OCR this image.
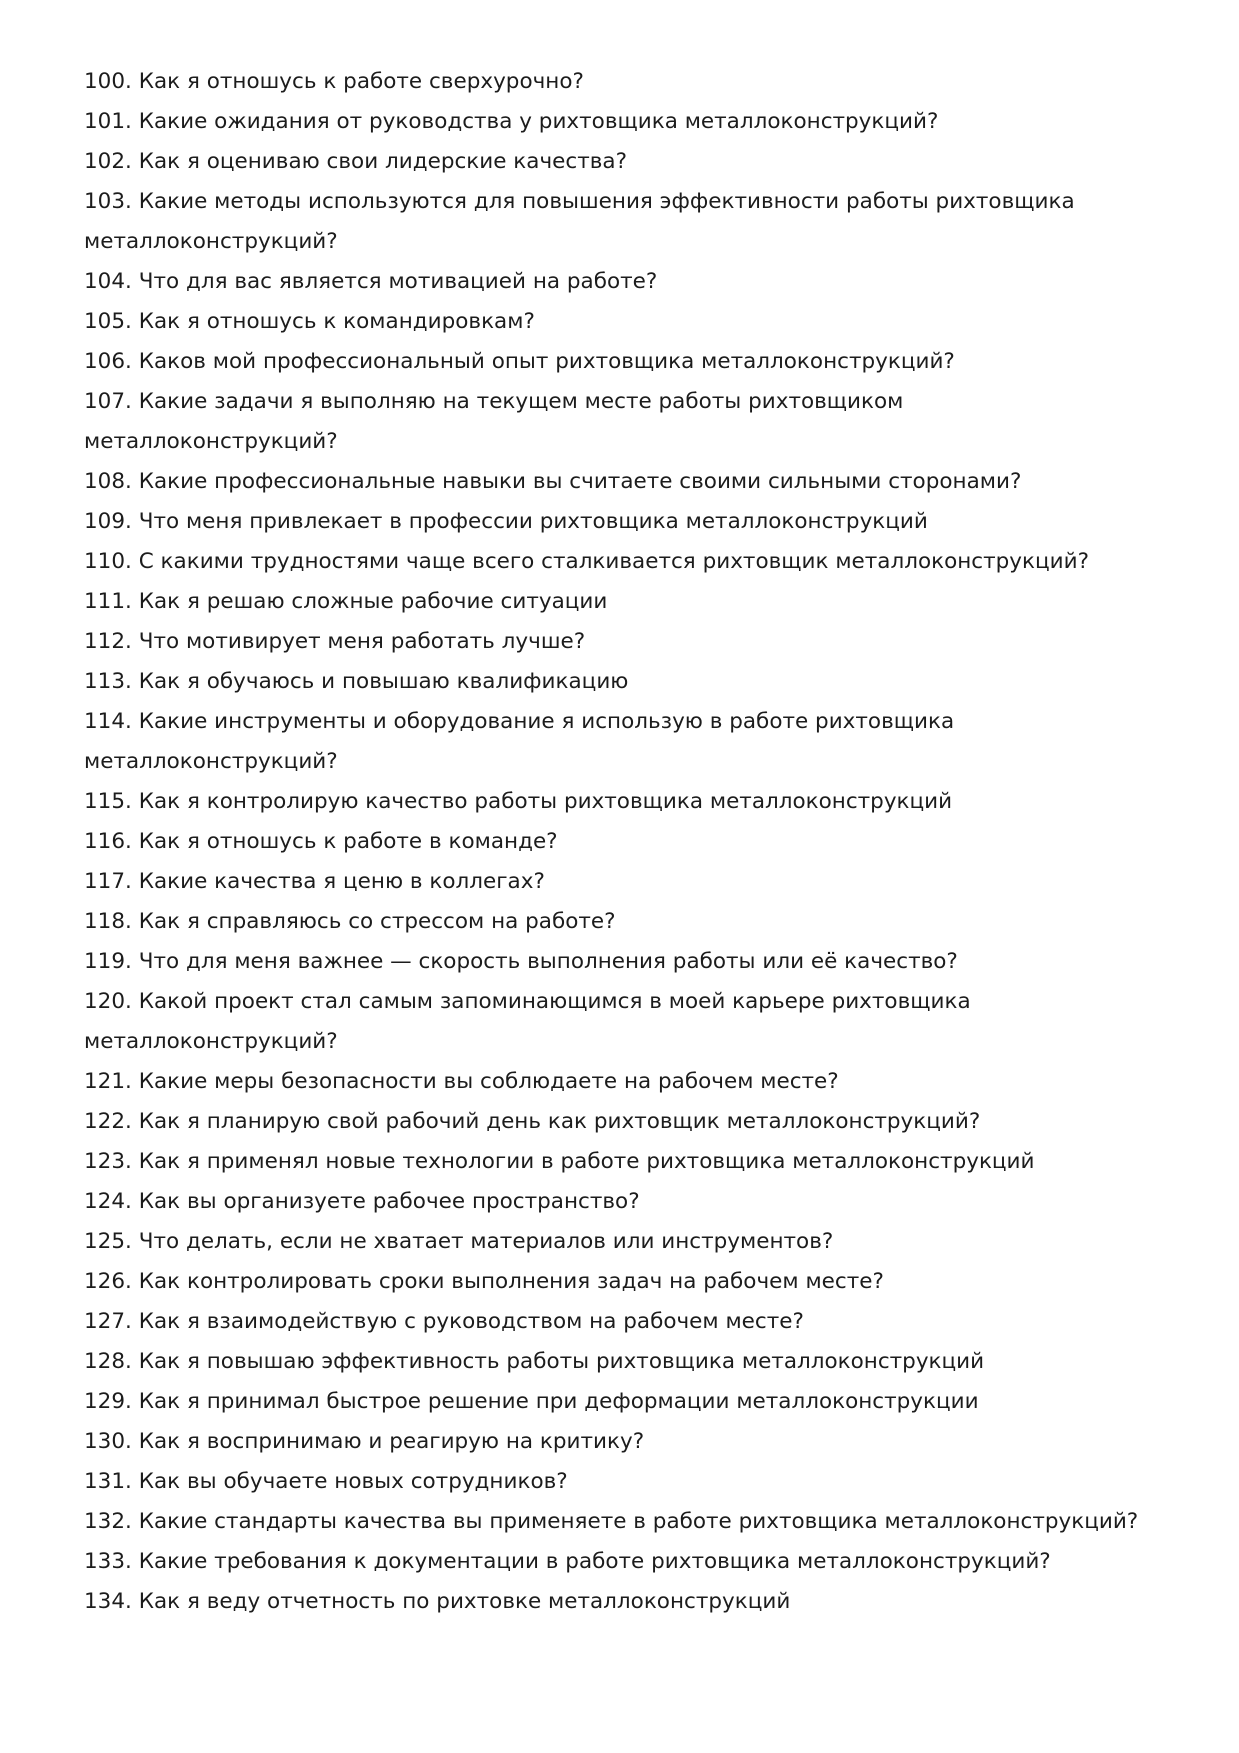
100. Как я отношусь к работе сверхурочно?
101. Какие ожидания от руководства у рихтовщика металлоконструкций?
102. Как я оцениваю свои лидерские качества?
103. Какие методы используются для повышения эффективности работы рихтовщика
металлоконструкций?
104. Что для вас является мотивацией на работе?
105. Как я отношусь к командировкам?
106. Каков мой профессиональный опыт рихтовщика металлоконструкций?
107. Какие задачи я выполняю на текущем месте работы рихтовщиком
металлоконструкций?
108. Какие профессиональные навыки вы считаете своими сильными сторонами?
109. Что меня привлекает в профессии рихтовщика металлоконструкций
110. С какими трудностями чаще всего сталкивается рихтовщик металлоконструкций?
111. Как я решаю сложные рабочие ситуации
112. Что мотивирует меня работать лучше?
113. Как я обучаюсь и повышаю квалификацию
114. Какие инструменты и оборудование я использую в работе рихтовщика
металлоконструкций?
115. Как я контролирую качество работы рихтовщика металлоконструкций
116. Как я отношусь к работе в команде?
117. Какие качества я ценю в коллегах?
118. Как я справляюсь со стрессом на работе?
119. Что для меня важнее — скорость выполнения работы или её качество?
120. Какой проект стал самым запоминающимся в моей карьере рихтовщика
металлоконструкций?
121. Какие меры безопасности вы соблюдаете на рабочем месте?
122. Как я планирую свой рабочий день как рихтовщик металлоконструкций?
123. Как я применял новые технологии в работе рихтовщика металлоконструкций
124. Как вы организуете рабочее пространство?
125. Что делать, если не хватает материалов или инструментов?
126. Как контролировать сроки выполнения задач на рабочем месте?
127. Как я взаимодействую с руководством на рабочем месте?
128. Как я повышаю эффективность работы рихтовщика металлоконструкций
129. Как я принимал быстрое решение при деформации металлоконструкции
130. Как я воспринимаю и реагирую на критику?
131. Как вы обучаете новых сотрудников?
132. Какие стандарты качества вы применяете в работе рихтовщика металлоконструкций?
133. Какие требования к документации в работе рихтовщика металлоконструкций?
134. Как я веду отчетность по рихтовке металлоконструкций
